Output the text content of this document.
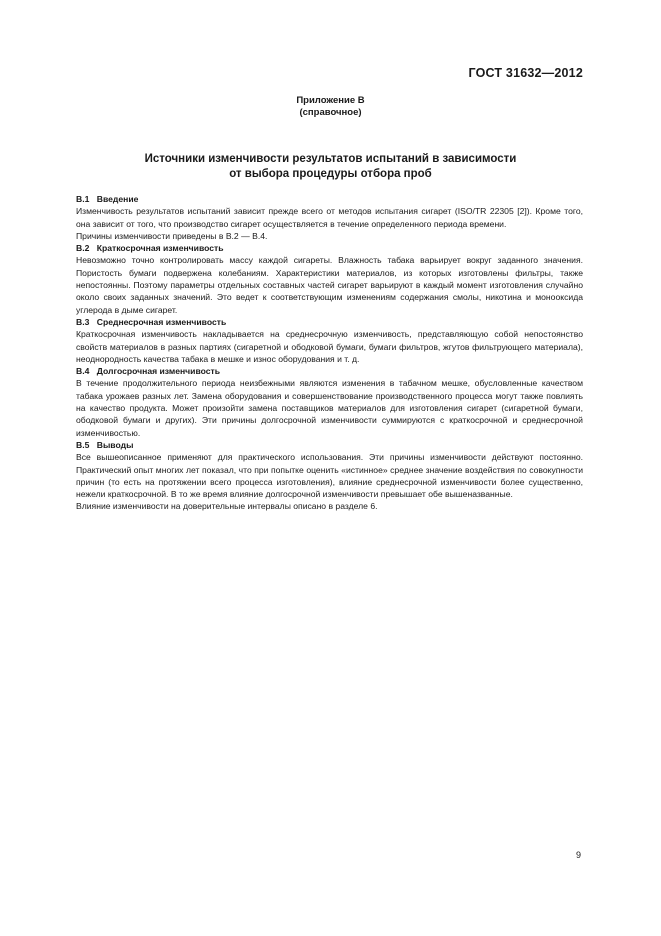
ГОСТ 31632—2012
Приложение В
(справочное)
Источники изменчивости результатов испытаний в зависимости
от выбора процедуры отбора проб
В.1 Введение

Изменчивость результатов испытаний зависит прежде всего от методов испытания сигарет (ISO/TR 22305 [2]). Кроме того, она зависит от того, что производство сигарет осуществляется в течение определенного периода времени.

Причины изменчивости приведены в В.2 — В.4.

В.2 Краткосрочная изменчивость

Невозможно точно контролировать массу каждой сигареты. Влажность табака варьирует вокруг заданного значения. Пористость бумаги подвержена колебаниям. Характеристики материалов, из которых изготовлены фильтры, также непостоянны. Поэтому параметры отдельных составных частей сигарет варьируют в каждый момент изготовления случайно около своих заданных значений. Это ведет к соответствующим изменениям содержания смолы, никотина и монооксида углерода в дыме сигарет.

В.3 Среднесрочная изменчивость

Краткосрочная изменчивость накладывается на среднесрочную изменчивость, представляющую собой непостоянство свойств материалов в разных партиях (сигаретной и ободковой бумаги, бумаги фильтров, жгутов фильтрующего материала), неоднородность качества табака в мешке и износ оборудования и т. д.

В.4 Долгосрочная изменчивость

В течение продолжительного периода неизбежными являются изменения в табачном мешке, обусловленные качеством табака урожаев разных лет. Замена оборудования и совершенствование производственного процесса могут также повлиять на качество продукта. Может произойти замена поставщиков материалов для изготовления сигарет (сигаретной бумаги, ободковой бумаги и других). Эти причины долгосрочной изменчивости суммируются с краткосрочной и среднесрочной изменчивостью.

В.5 Выводы

Все вышеописанное применяют для практического использования. Эти причины изменчивости действуют постоянно. Практический опыт многих лет показал, что при попытке оценить «истинное» среднее значение воздействия по совокупности причин (то есть на протяжении всего процесса изготовления), влияние среднесрочной изменчивости более существенно, нежели краткосрочной. В то же время влияние долгосрочной изменчивости превышает обе вышеназванные.

Влияние изменчивости на доверительные интервалы описано в разделе 6.

9
